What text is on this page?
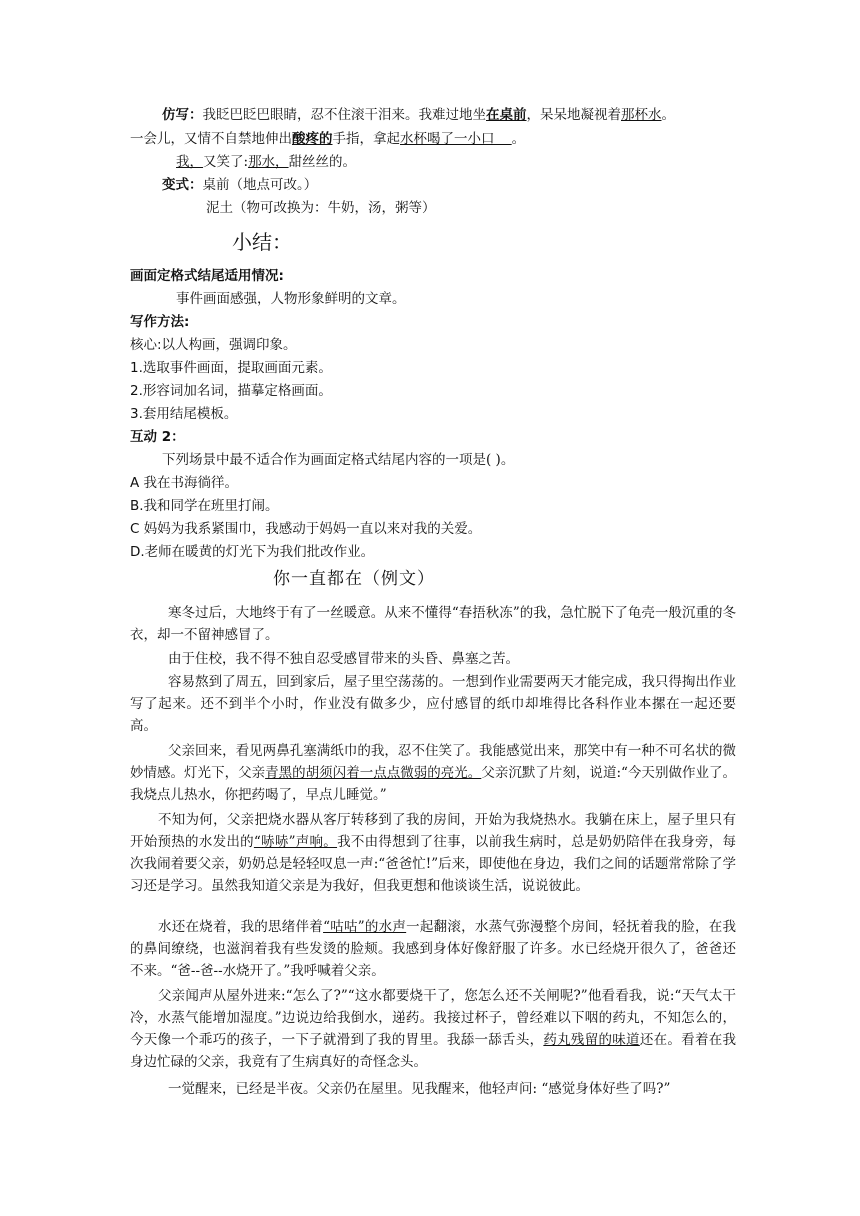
仿写：我眨巴眨巴眼睛，忍不住滚干泪来。我难过地坐在桌前，呆呆地凝视着那杯水。
一会儿，又情不自禁地伸出酸疼的手指，拿起水杯喝了一小口 。
我，又笑了:那水，甜丝丝的。
变式：桌前（地点可改。）
泥土（物可改换为：牛奶，汤，粥等）
小结：
画面定格式结尾适用情况:
事件画面感强，人物形象鲜明的文章。
写作方法:
核心:以人构画，强调印象。
1.选取事件画面，提取画面元素。
2.形容词加名词，描摹定格画面。
3.套用结尾模板。
互动 2：
下列场景中最不适合作为画面定格式结尾内容的一项是( )。
A 我在书海徜徉。
B.我和同学在班里打闹。
C 妈妈为我系紧围巾，我感动于妈妈一直以来对我的关爱。
D.老师在暖黄的灯光下为我们批改作业。
你一直都在（例文）
寒冬过后，大地终于有了一丝暖意。从来不懂得“春捂秋冻”的我，急忙脱下了龟壳一般沉重的冬衣，却一不留神感冒了。
由于住校，我不得不独自忍受感冒带来的头昏、鼻塞之苦。
容易熬到了周五，回到家后，屋子里空荡荡的。一想到作业需要两天才能完成，我只得掏出作业写了起来。还不到半个小时，作业没有做多少，应付感冒的纸巾却堆得比各科作业本摞在一起还要高。
父亲回来，看见两鼻孔塞满纸巾的我，忍不住笑了。我能感觉出来，那笑中有一种不可名状的微妙情感。灯光下，父亲青黑的胡须闪着一点点微弱的亮光。父亲沉默了片刻，说道:“今天别做作业了。 我烧点儿热水，你把药喝了，早点儿睡觉。”
不知为何，父亲把烧水器从客厅转移到了我的房间，开始为我烧热水。我躺在床上，屋子里只有开始预热的水发出的“哧哧”声响。我不由得想到了往事，以前我生病时，总是奶奶陪伴在我身旁，每次我闹着要父亲，奶奶总是轻轻叹息一声:“爸爸忙!”后来，即使他在身边，我们之间的话题常常除了学习还是学习。虽然我知道父亲是为我好，但我更想和他谈谈生活，说说彼此。
水还在烧着，我的思绪伴着“咕咕”的水声一起翻滚，水蒸气弥漫整个房间，轻抚着我的脸，在我的鼻间缭绕，也滋润着我有些发烫的脸颊。我感到身体好像舒服了许多。水已经烧开很久了，爸爸还不来。“爸--爸--水烧开了。”我呼喊着父亲。
父亲闻声从屋外进来:“怎么了?”“这水都要烧干了，您怎么还不关闸呢?”他看看我，说:“天气太干冷，水蒸气能增加湿度。”边说边给我倒水，递药。我接过杯子，曾经难以下咽的药丸，不知怎么的，今天像一个乖巧的孩子，一下子就滑到了我的胃里。我舔一舔舌头，药丸残留的味道还在。看着在我身边忙碌的父亲，我竟有了生病真好的奇怪念头。
一觉醒来，已经是半夜。父亲仍在屋里。见我醒来，他轻声问: “感觉身体好些了吗?”
